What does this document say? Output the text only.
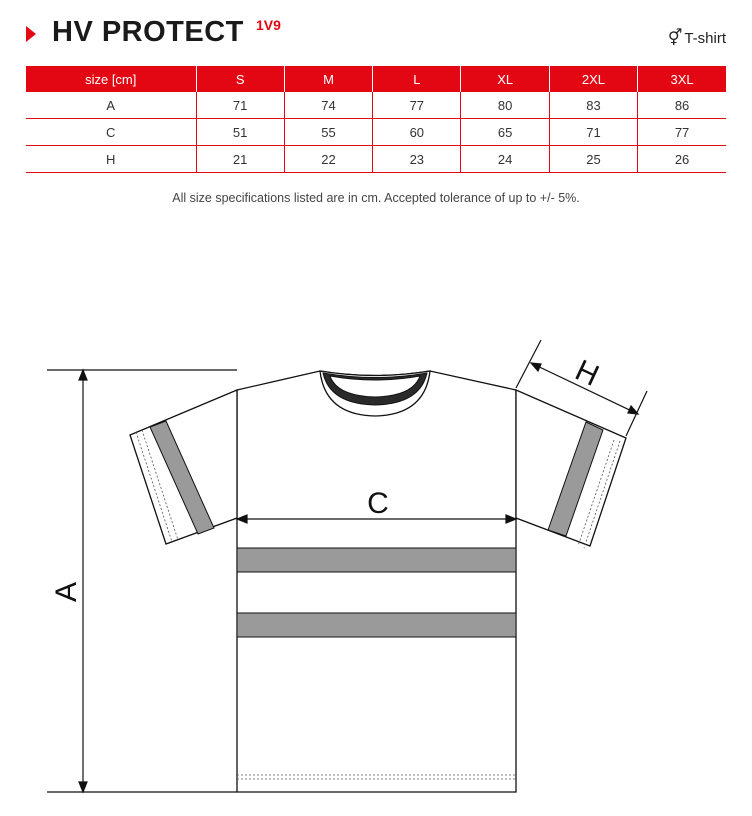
HV PROTECT 1V9
⚥ T-shirt
size [cm]	S	M	L	XL	2XL	3XL
A	71	74	77	80	83	86
C	51	55	60	65	71	77
H	21	22	23	24	25	26
All size specifications listed are in cm. Accepted tolerance of up to +/- 5%.
A
C
H
